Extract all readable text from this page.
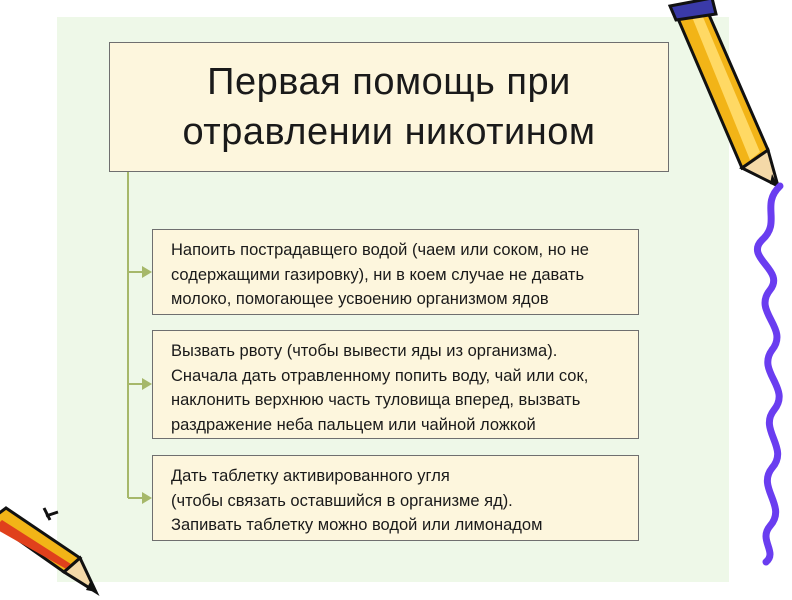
Первая помощь при
отравлении никотином
Напоить пострадавщего водой (чаем или соком, но не
содержащими газировку), ни в коем случае не давать
молоко, помогающее усвоению организмом ядов
Вызвать рвоту (чтобы вывести яды из организма).
Сначала дать отравленному попить воду, чай или сок,
наклонить верхнюю часть туловища вперед, вызвать
раздражение неба пальцем или чайной ложкой
Дать таблетку активированного угля
(чтобы связать оставшийся в организме яд).
Запивать таблетку можно водой или лимонадом
